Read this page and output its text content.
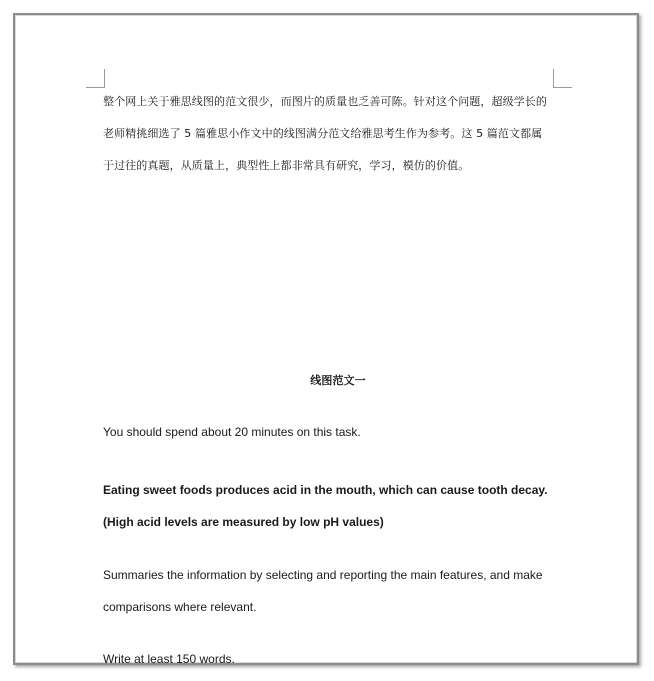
整个网上关于雅思线图的范文很少，而图片的质量也乏善可陈。针对这个问题，超级学长的
老师精挑细选了 5 篇雅思小作文中的线图满分范文给雅思考生作为参考。这 5 篇范文都属
于过往的真题，从质量上，典型性上都非常具有研究，学习，模仿的价值。
线图范文一
You should spend about 20 minutes on this task.
Eating sweet foods produces acid in the mouth, which can cause tooth decay.
(High acid levels are measured by low pH values)
Summaries the information by selecting and reporting the main features, and make
comparisons where relevant.
Write at least 150 words.
